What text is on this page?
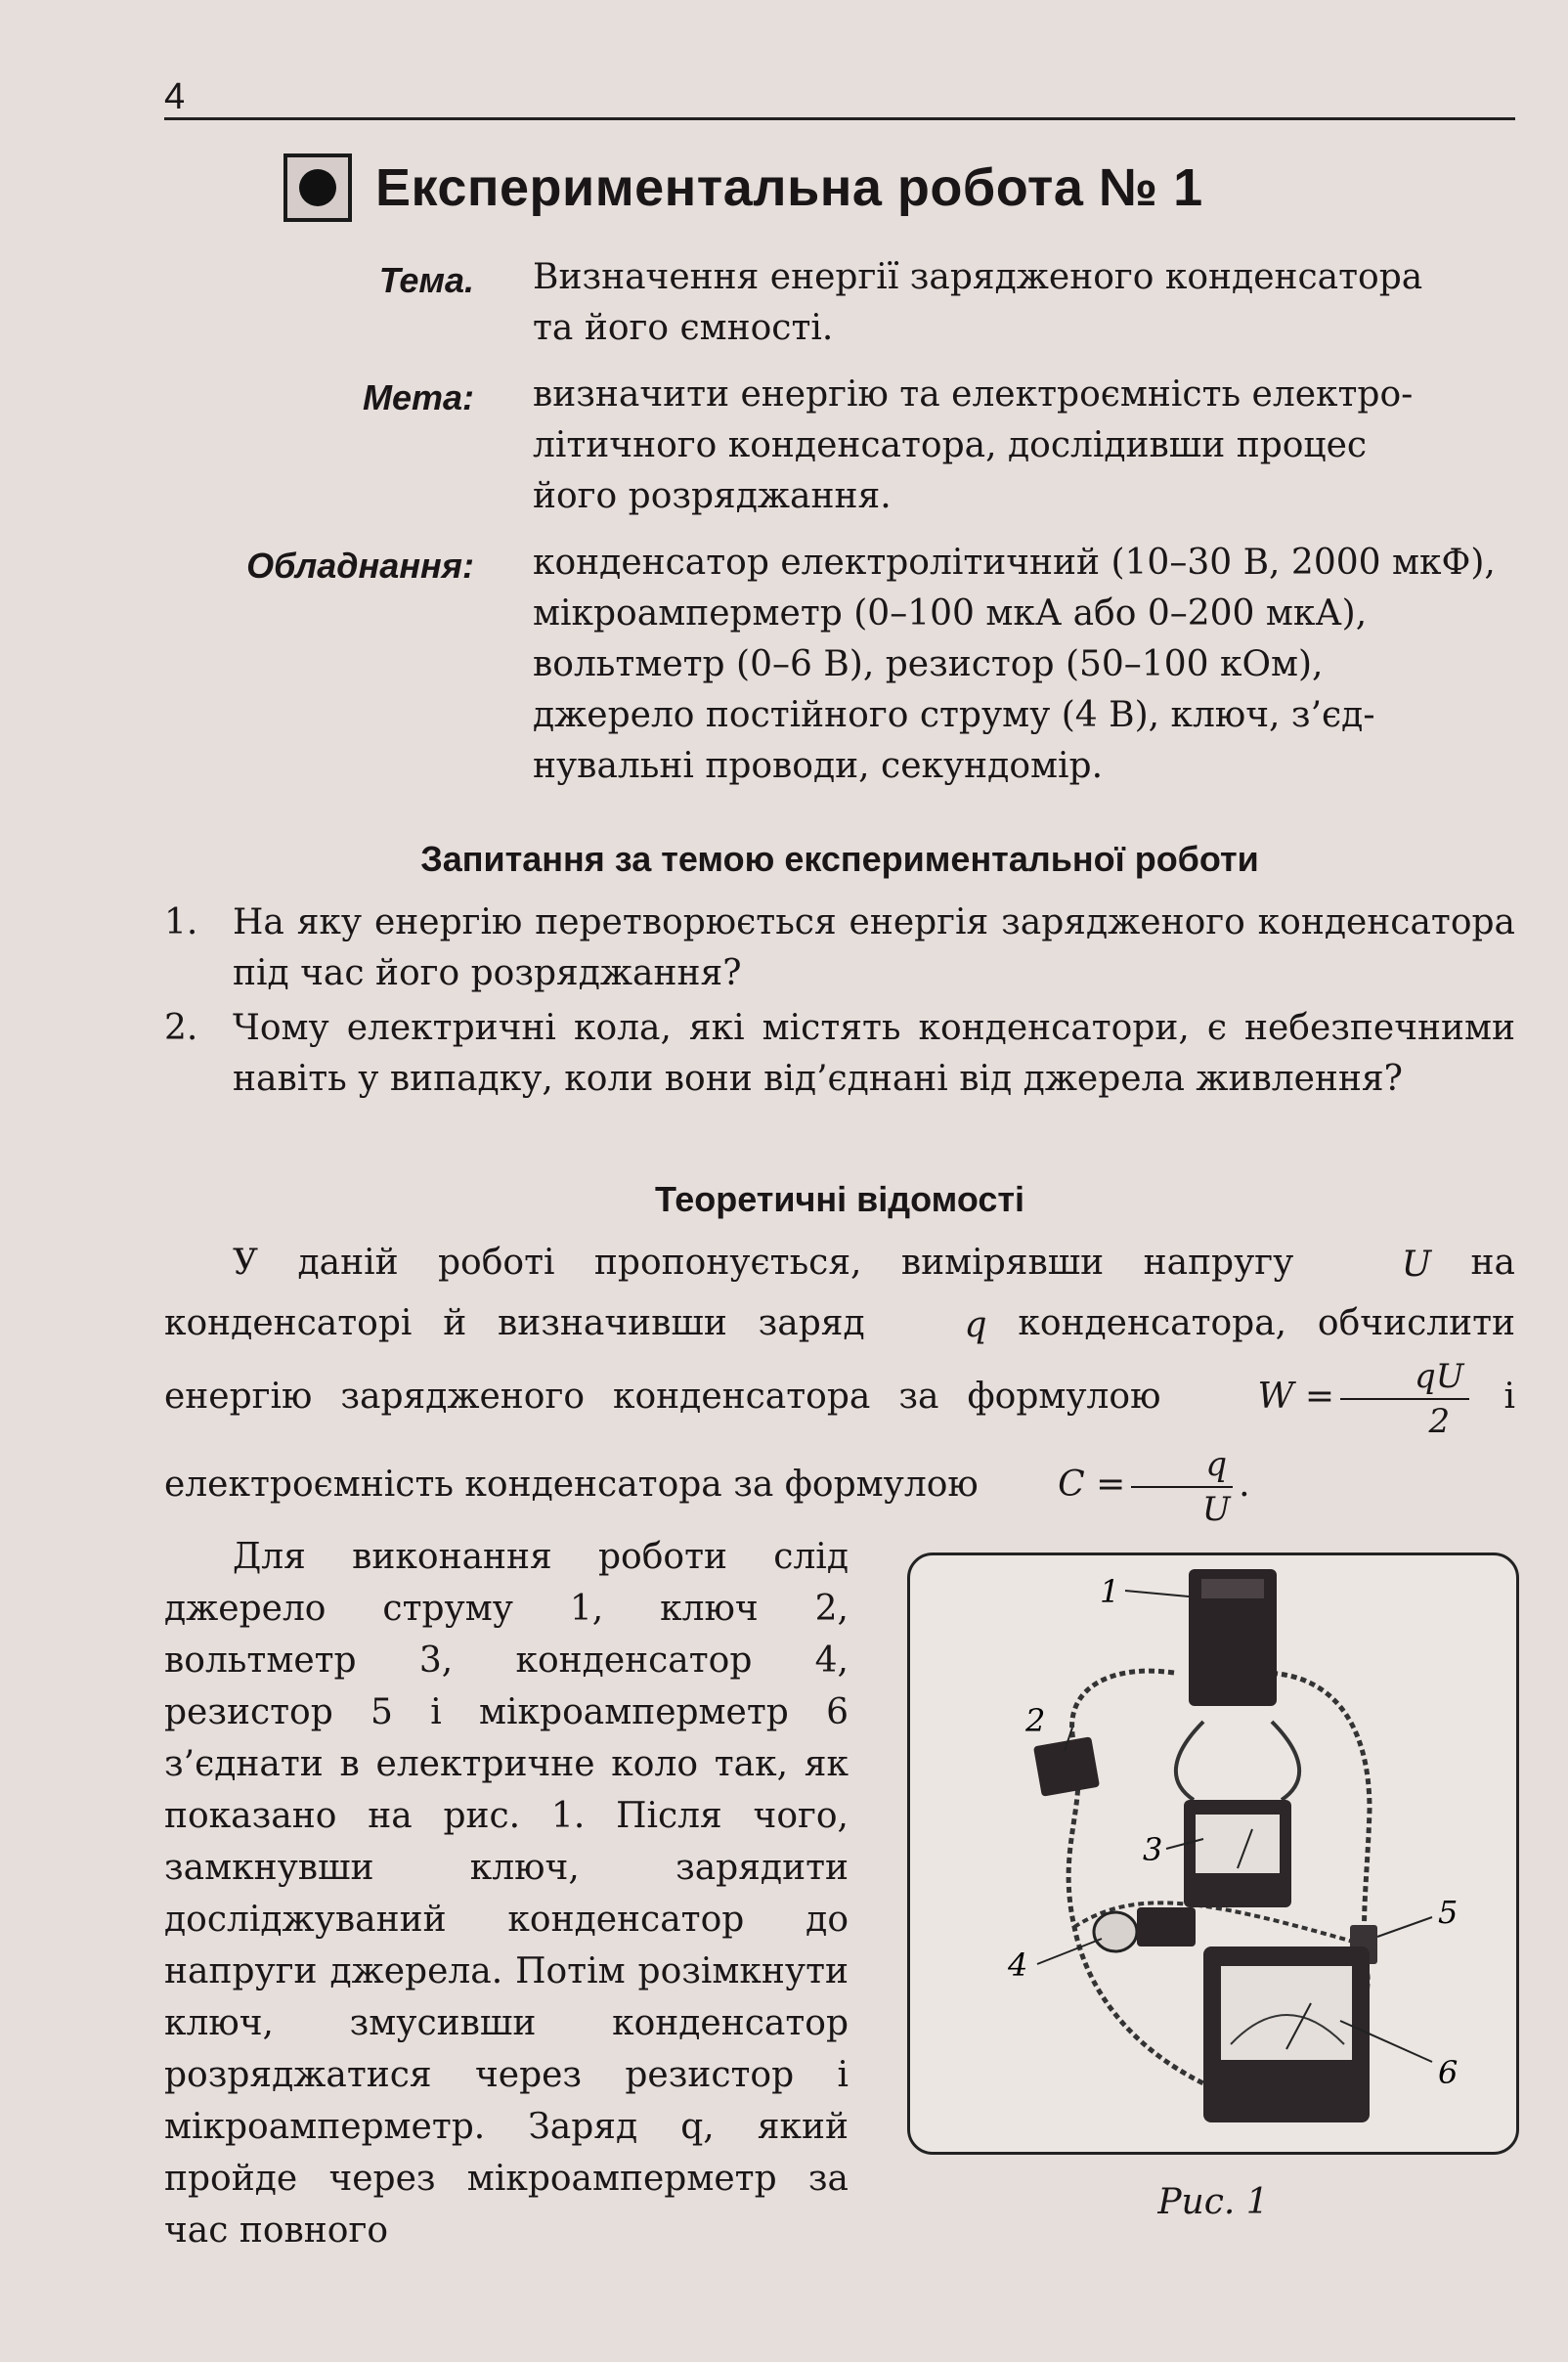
4
Експериментальна робота № 1
Тема. Визначення енергії зарядженого конденсатора
та його ємності.
Мета: визначити енергію та електроємність електро-
літичного конденсатора, дослідивши процес
його розряджання.
Обладнання: конденсатор електролітичний (10–30 В, 2000 мкФ),
мікроамперметр (0–100 мкА або 0–200 мкА),
вольтметр (0–6 В), резистор (50–100 кОм),
джерело постійного струму (4 В), ключ, з’єд-
нувальні проводи, секундомір.
Запитання за темою експериментальної роботи
1. На яку енергію перетворюється енергія зарядженого конденсатора під час його розряджання?
2. Чому електричні кола, які містять конденсатори, є небезпечними навіть у випадку, коли вони від’єднані від джерела живлення?
Теоретичні відомості
У даній роботі пропонується, вимірявши напругу U на конденсаторі й визначивши заряд q конденсатора, обчислити енергію зарядженого конденсатора за формулою $W = \frac{qU}{2}$ і електроємність конденсатора за формулою $C = \frac{q}{U}$ .
Для виконання роботи слід джерело струму 1, ключ 2, вольтметр 3, конденсатор 4, резистор 5 і мікроамперметр 6 з’єднати в електричне коло так, як показано на рис. 1. Після чого, замкнувши ключ, зарядити досліджуваний конденсатор до напруги джерела. Потім розімкнути ключ, змусивши конденсатор розряджатися через резистор і мікроамперметр. Заряд q, який пройде через мікроамперметр за час повного
1
2
3
4
5
6
Рис. 1
